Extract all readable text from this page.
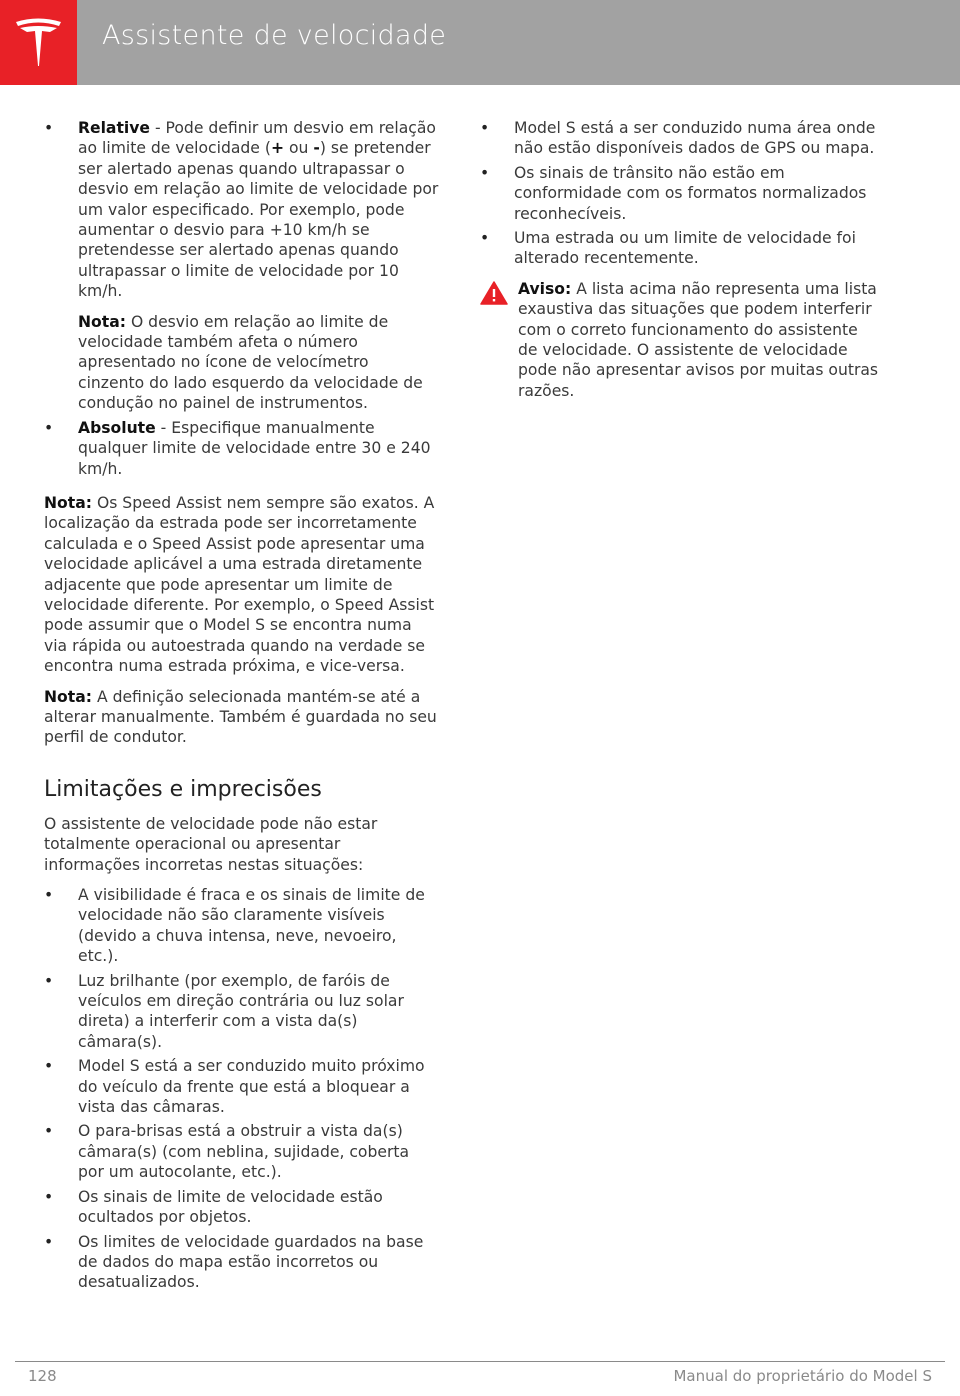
Assistente de velocidade
• Relative - Pode definir um desvio em relação ao limite de velocidade (+ ou -) se pretender ser alertado apenas quando ultrapassar o desvio em relação ao limite de velocidade por um valor especificado. Por exemplo, pode aumentar o desvio para +10 km/h se pretendesse ser alertado apenas quando ultrapassar o limite de velocidade por 10 km/h.
Nota: O desvio em relação ao limite de velocidade também afeta o número apresentado no ícone de velocímetro cinzento do lado esquerdo da velocidade de condução no painel de instrumentos.
• Absolute - Especifique manualmente qualquer limite de velocidade entre 30 e 240 km/h.

Nota: Os Speed Assist nem sempre são exatos. A localização da estrada pode ser incorretamente calculada e o Speed Assist pode apresentar uma velocidade aplicável a uma estrada diretamente adjacente que pode apresentar um limite de velocidade diferente. Por exemplo, o Speed Assist pode assumir que o Model S se encontra numa via rápida ou autoestrada quando na verdade se encontra numa estrada próxima, e vice-versa.

Nota: A definição selecionada mantém-se até a alterar manualmente. Também é guardada no seu perfil de condutor.

Limitações e imprecisões

O assistente de velocidade pode não estar totalmente operacional ou apresentar informações incorretas nestas situações:

• A visibilidade é fraca e os sinais de limite de velocidade não são claramente visíveis (devido a chuva intensa, neve, nevoeiro, etc.).
• Luz brilhante (por exemplo, de faróis de veículos em direção contrária ou luz solar direta) a interferir com a vista da(s) câmara(s).
• Model S está a ser conduzido muito próximo do veículo da frente que está a bloquear a vista das câmaras.
• O para-brisas está a obstruir a vista da(s) câmara(s) (com neblina, sujidade, coberta por um autocolante, etc.).
• Os sinais de limite de velocidade estão ocultados por objetos.
• Os limites de velocidade guardados na base de dados do mapa estão incorretos ou desatualizados.
• Model S está a ser conduzido numa área onde não estão disponíveis dados de GPS ou mapa.
• Os sinais de trânsito não estão em conformidade com os formatos normalizados reconhecíveis.
• Uma estrada ou um limite de velocidade foi alterado recentemente.
Aviso: A lista acima não representa uma lista exaustiva das situações que podem interferir com o correto funcionamento do assistente de velocidade. O assistente de velocidade pode não apresentar avisos por muitas outras razões.
128	Manual do proprietário do Model S
